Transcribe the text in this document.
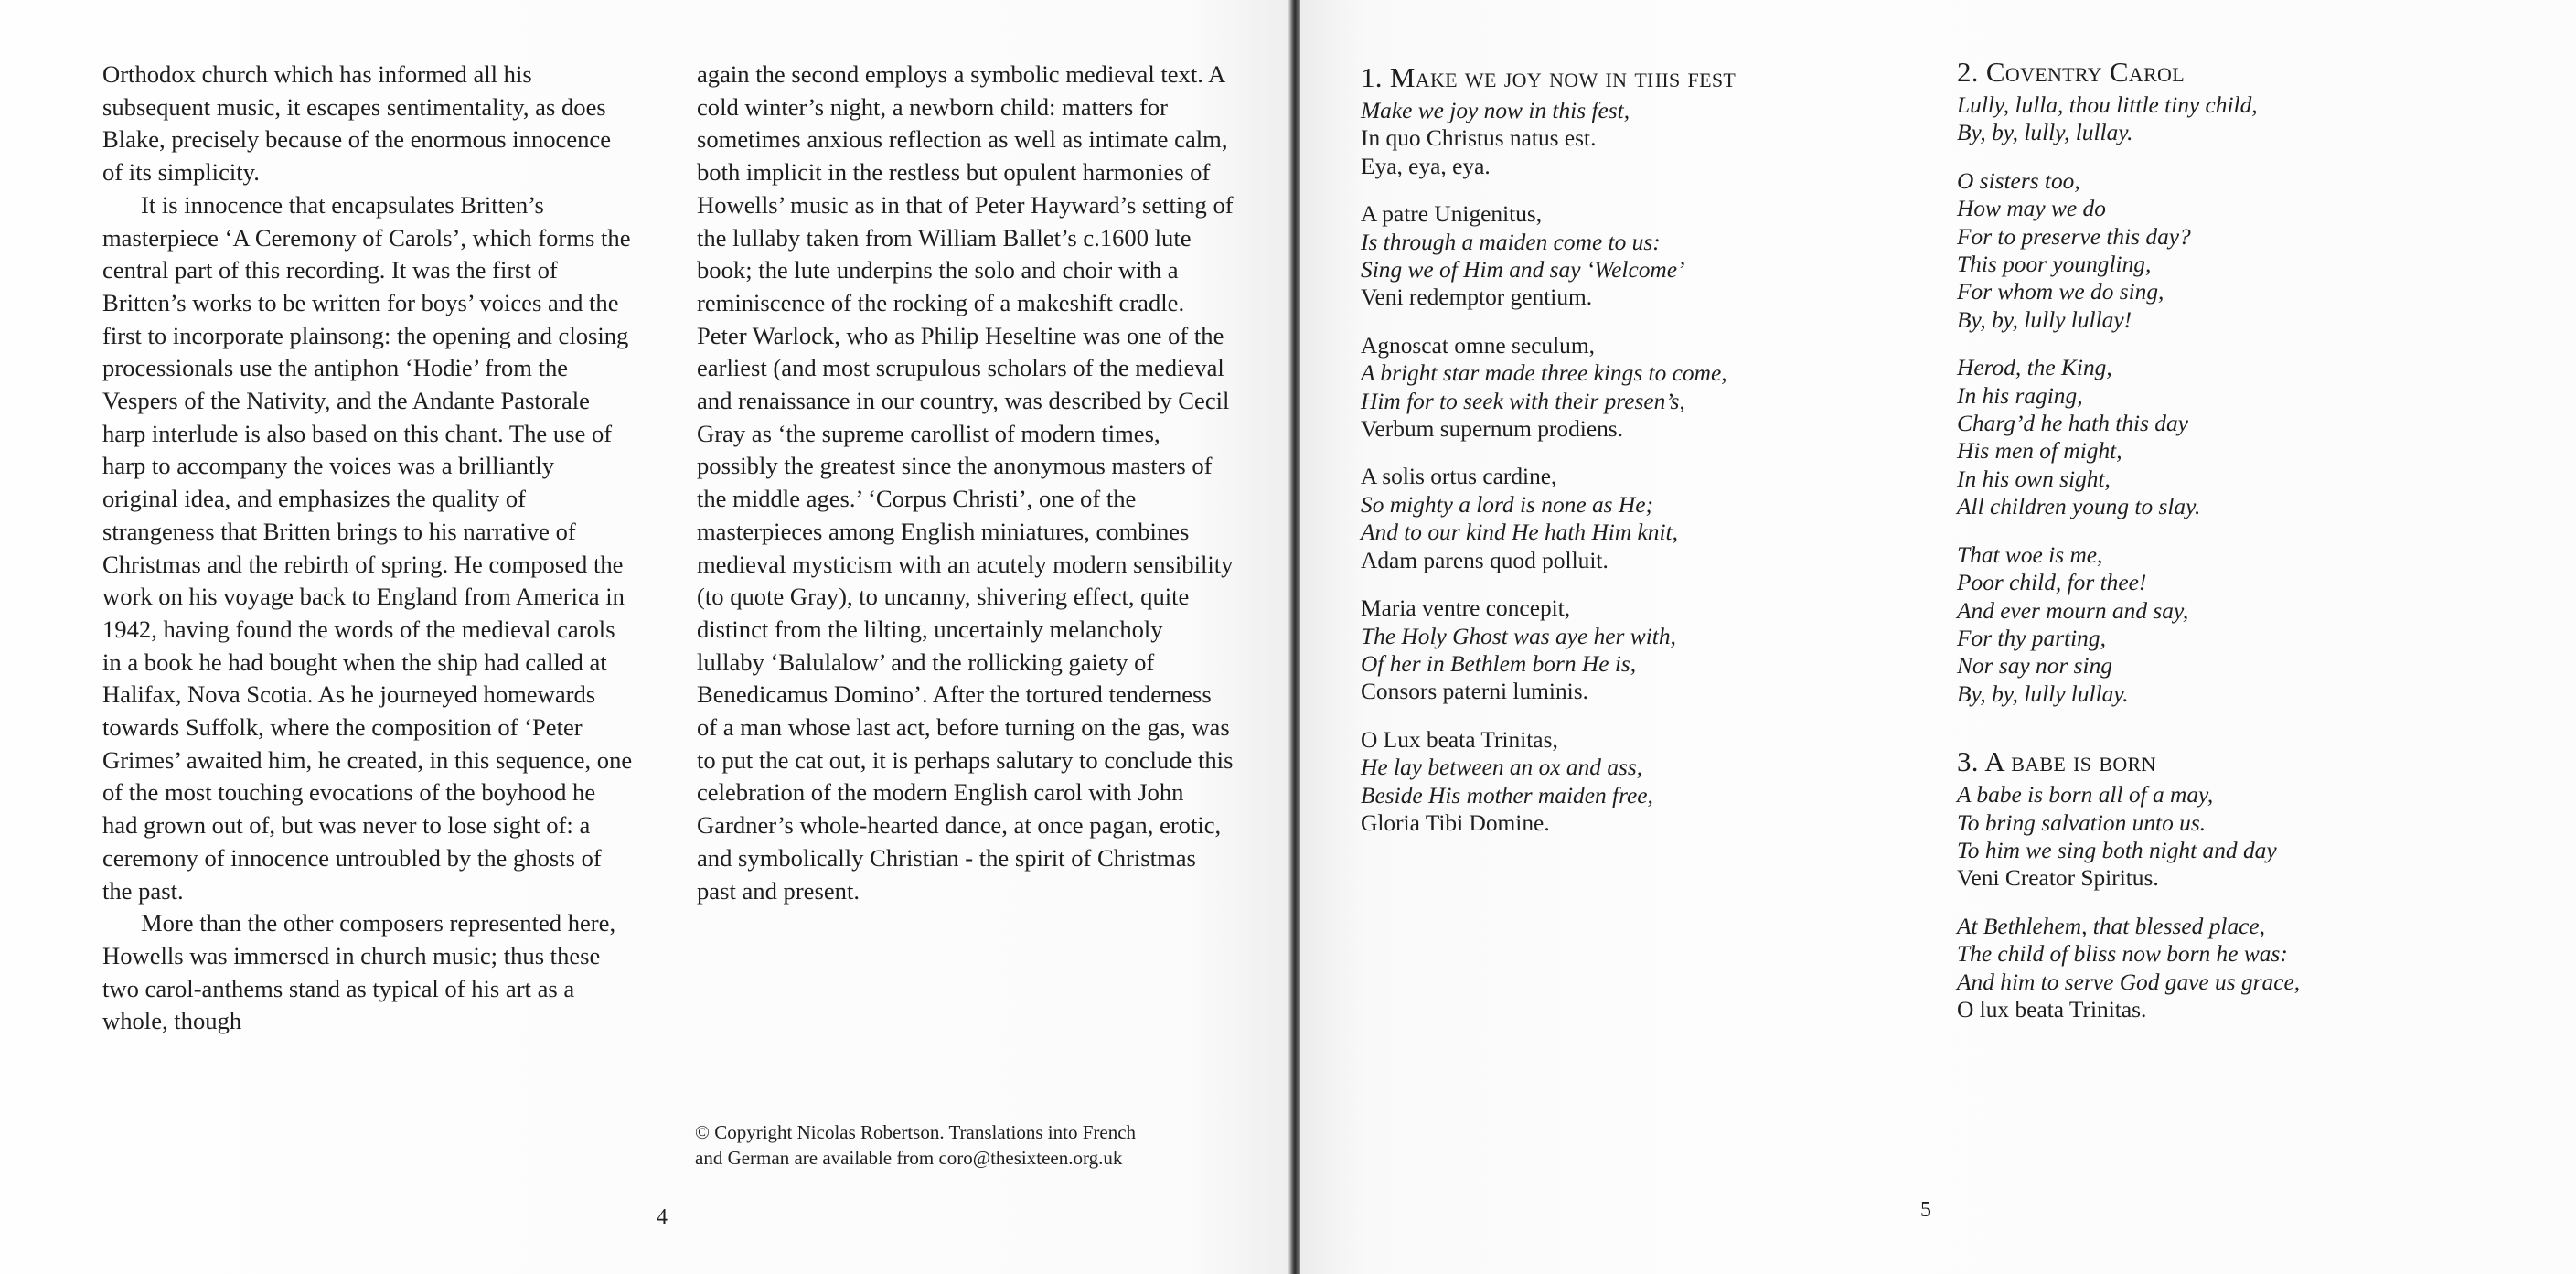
Orthodox church which has informed all his subsequent music, it escapes sentimentality, as does Blake, precisely because of the enormous innocence of its simplicity.

It is innocence that encapsulates Britten’s masterpiece ‘A Ceremony of Carols’, which forms the central part of this recording. It was the first of Britten’s works to be written for boys’ voices and the first to incorporate plainsong: the opening and closing processionals use the antiphon ‘Hodie’ from the Vespers of the Nativity, and the Andante Pastorale harp interlude is also based on this chant. The use of harp to accompany the voices was a brilliantly original idea, and emphasizes the quality of strangeness that Britten brings to his narrative of Christmas and the rebirth of spring. He composed the work on his voyage back to England from America in 1942, having found the words of the medieval carols in a book he had bought when the ship had called at Halifax, Nova Scotia. As he journeyed homewards towards Suffolk, where the composition of ‘Peter Grimes’ awaited him, he created, in this sequence, one of the most touching evocations of the boyhood he had grown out of, but was never to lose sight of: a ceremony of innocence untroubled by the ghosts of the past.

More than the other composers represented here, Howells was immersed in church music; thus these two carol-anthems stand as typical of his art as a whole, though

again the second employs a symbolic medieval text. A cold winter’s night, a newborn child: matters for sometimes anxious reflection as well as intimate calm, both implicit in the restless but opulent harmonies of Howells’ music as in that of Peter Hayward’s setting of the lullaby taken from William Ballet’s c.1600 lute book; the lute underpins the solo and choir with a reminiscence of the rocking of a makeshift cradle. Peter Warlock, who as Philip Heseltine was one of the earliest (and most scrupulous scholars of the medieval and renaissance in our country, was described by Cecil Gray as ‘the supreme carollist of modern times, possibly the greatest since the anonymous masters of the middle ages.’ ‘Corpus Christi’, one of the masterpieces among English miniatures, combines medieval mysticism with an acutely modern sensibility (to quote Gray), to uncanny, shivering effect, quite distinct from the lilting, uncertainly melancholy lullaby ‘Balulalow’ and the rollicking gaiety of Benedicamus Domino’. After the tortured tenderness of a man whose last act, before turning on the gas, was to put the cat out, it is perhaps salutary to conclude this celebration of the modern English carol with John Gardner’s whole-hearted dance, at once pagan, erotic, and symbolically Christian - the spirit of Christmas past and present.

© Copyright Nicolas Robertson. Translations into French
and German are available from coro@thesixteen.org.uk
4	5
1. Make we joy now in this fest
Make we joy now in this fest,
In quo Christus natus est.
Eya, eya, eya.
A patre Unigenitus,
Is through a maiden come to us:
Sing we of Him and say ‘Welcome’
Veni redemptor gentium.
Agnoscat omne seculum,
A bright star made three kings to come,
Him for to seek with their presen’s,
Verbum supernum prodiens.
A solis ortus cardine,
So mighty a lord is none as He;
And to our kind He hath Him knit,
Adam parens quod polluit.
Maria ventre concepit,
The Holy Ghost was aye her with,
Of her in Bethlem born He is,
Consors paterni luminis.
O Lux beata Trinitas,
He lay between an ox and ass,
Beside His mother maiden free,
Gloria Tibi Domine.
2. Coventry Carol
Lully, lulla, thou little tiny child,
By, by, lully, lullay.
O sisters too,
How may we do
For to preserve this day?
This poor youngling,
For whom we do sing,
By, by, lully lullay!
Herod, the King,
In his raging,
Charg’d he hath this day
His men of might,
In his own sight,
All children young to slay.
That woe is me,
Poor child, for thee!
And ever mourn and say,
For thy parting,
Nor say nor sing
By, by, lully lullay.
3. A babe is born
A babe is born all of a may,
To bring salvation unto us.
To him we sing both night and day
Veni Creator Spiritus.
At Bethlehem, that blessed place,
The child of bliss now born he was:
And him to serve God gave us grace,
O lux beata Trinitas.
